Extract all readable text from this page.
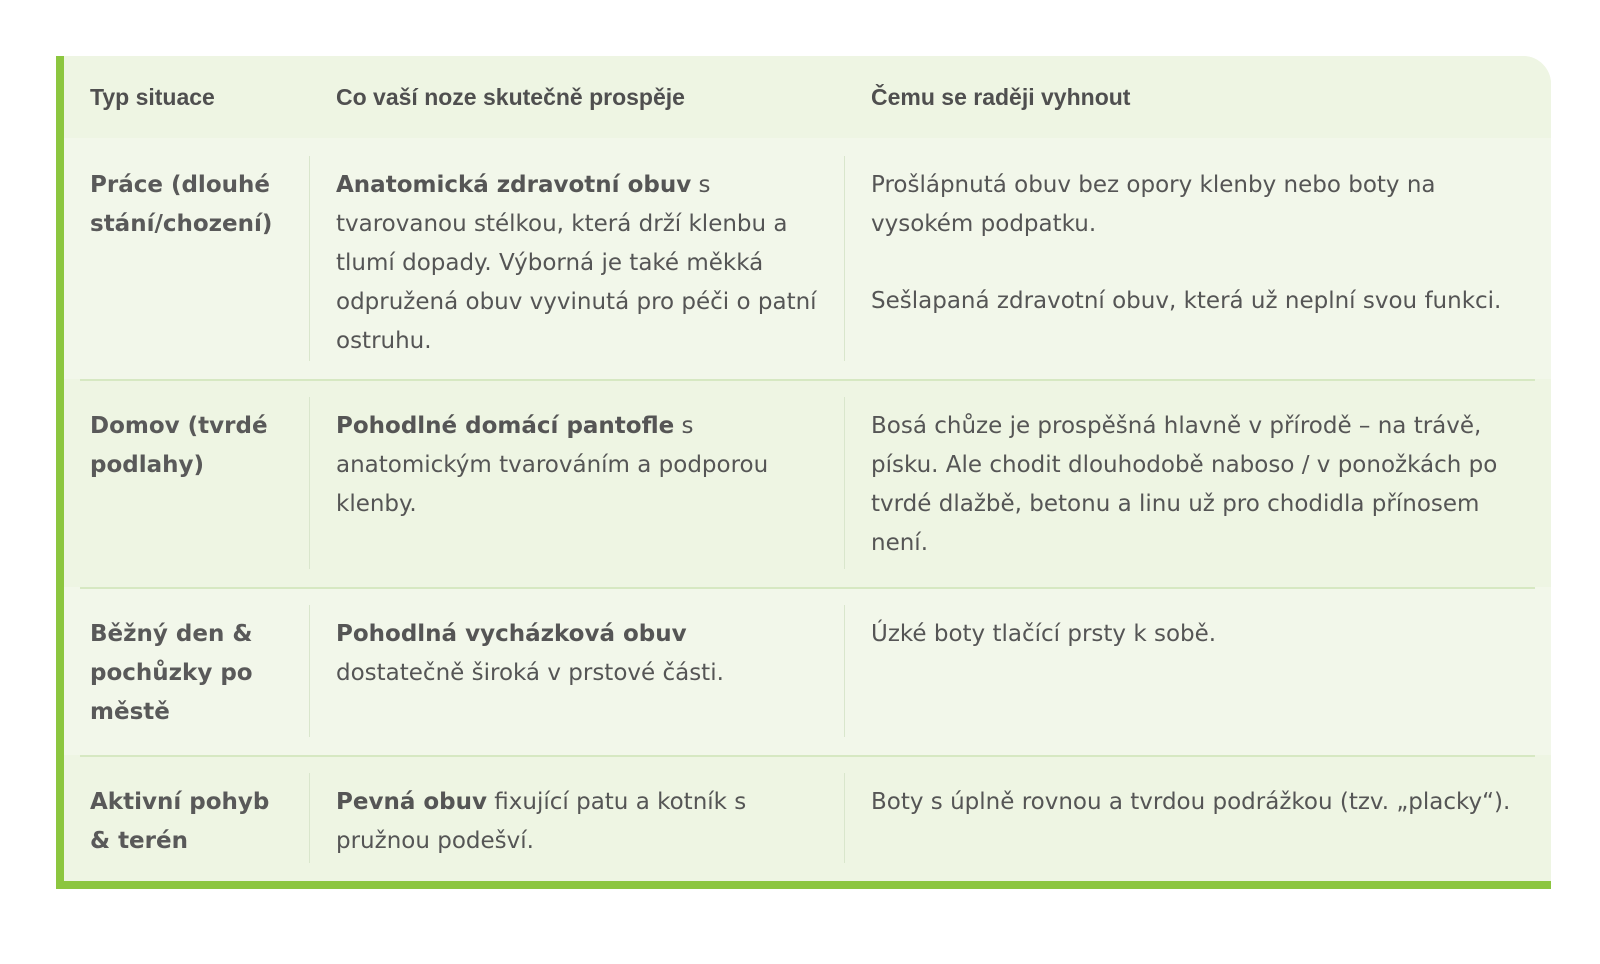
Typ situace	Co vaší noze skutečně prospěje	Čemu se raději vyhnout
Práce (dlouhé stání/chození)
Anatomická zdravotní obuv s tvarovanou stélkou, která drží klenbu a tlumí dopady. Výborná je také měkká odpružená obuv vyvinutá pro péči o patní ostruhu.

Prošlápnutá obuv bez opory klenby nebo boty na vysokém podpatku.

Sešlapaná zdravotní obuv, která už neplní svou funkci.

Domov (tvrdé podlahy)
Pohodlné domácí pantofle s anatomickým tvarováním a podporou klenby.

Bosá chůze je prospěšná hlavně v přírodě – na trávě, písku. Ale chodit dlouhodobě naboso / v ponožkách po tvrdé dlažbě, betonu a linu už pro chodidla přínosem není.

Běžný den & pochůzky po městě
Pohodlná vycházková obuv dostatečně široká v prstové části.

Úzké boty tlačící prsty k sobě.

Aktivní pohyb & terén
Pevná obuv fixující patu a kotník s pružnou podešví.

Boty s úplně rovnou a tvrdou podrážkou (tzv. „placky“).
